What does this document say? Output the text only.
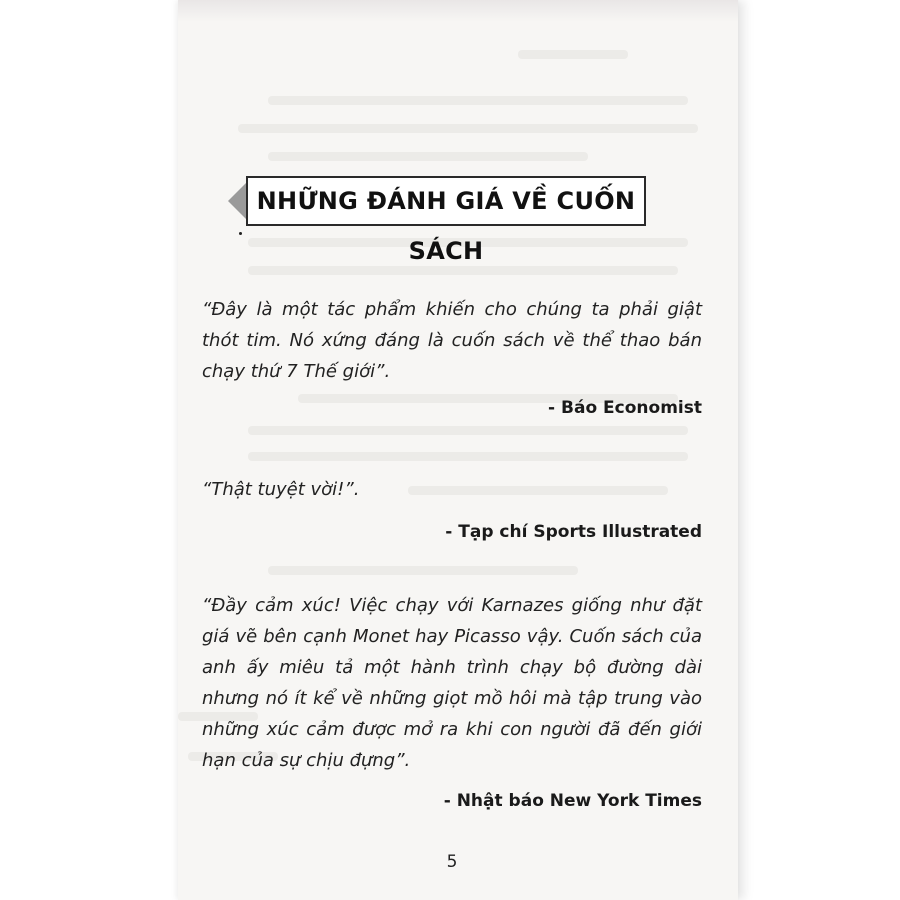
NHỮNG ĐÁNH GIÁ VỀ CUỐN SÁCH
“Đây là một tác phẩm khiến cho chúng ta phải giật thót tim. Nó xứng đáng là cuốn sách về thể thao bán chạy thứ 7 Thế giới”.
- Báo Economist
“Thật tuyệt vời!”.
- Tạp chí Sports Illustrated
“Đầy cảm xúc! Việc chạy với Karnazes giống như đặt giá vẽ bên cạnh Monet hay Picasso vậy. Cuốn sách của anh ấy miêu tả một hành trình chạy bộ đường dài nhưng nó ít kể về những giọt mồ hôi mà tập trung vào những xúc cảm được mở ra khi con người đã đến giới hạn của sự chịu đựng”.
- Nhật báo New York Times
5
